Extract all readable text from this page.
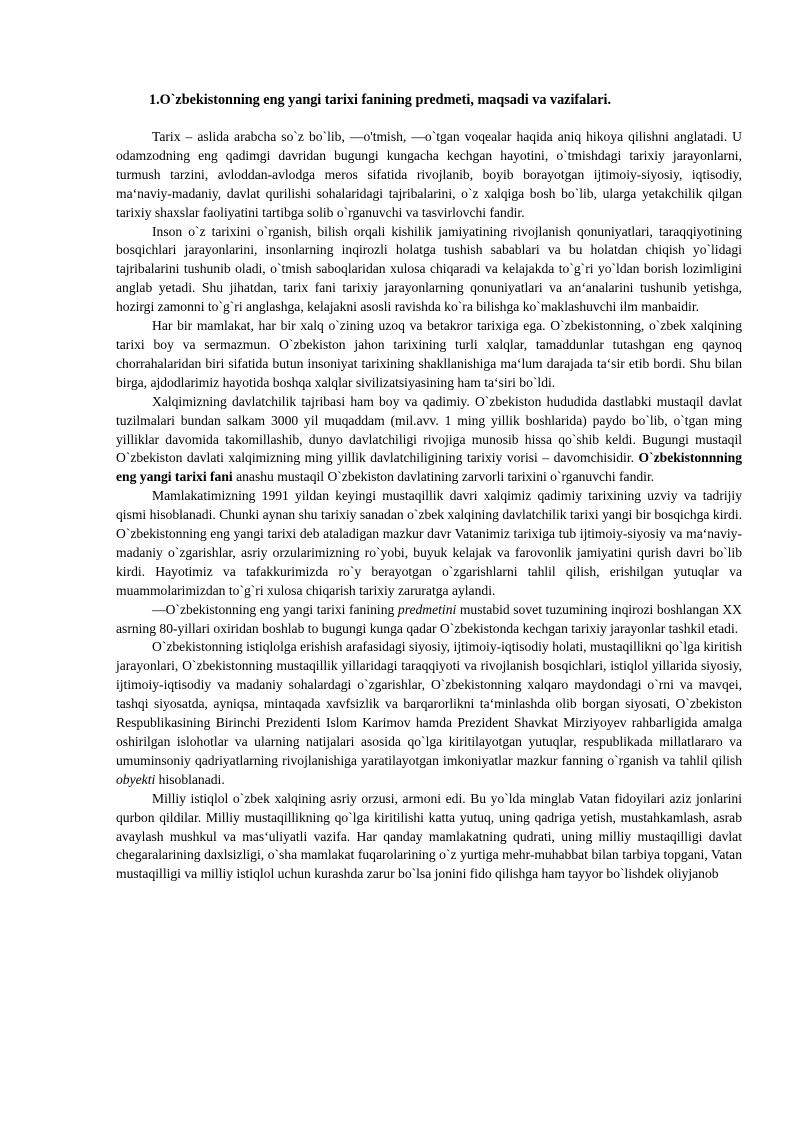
1.O`zbekistonning eng yangi tarixi fanining predmeti, maqsadi va vazifalari.

Tarix – aslida arabcha so`z bo`lib, ―o'tmish, ―o`tgan voqealar haqida aniq hikoya qilishni anglatadi. U odamzodning eng qadimgi davridan bugungi kungacha kechgan hayotini, o`tmishdagi tarixiy jarayonlarni, turmush tarzini, avloddan-avlodga meros sifatida rivojlanib, boyib borayotgan ijtimoiy-siyosiy, iqtisodiy, ma‘naviy-madaniy, davlat qurilishi sohalaridagi tajribalarini, o`z xalqiga bosh bo`lib, ularga yetakchilik qilgan tarixiy shaxslar faoliyatini tartibga solib o`rganuvchi va tasvirlovchi fandir.

Inson o`z tarixini o`rganish, bilish orqali kishilik jamiyatining rivojlanish qonuniyatlari, taraqqiyotining bosqichlari jarayonlarini, insonlarning inqirozli holatga tushish sabablari va bu holatdan chiqish yo`lidagi tajribalarini tushunib oladi, o`tmish saboqlaridan xulosa chiqaradi va kelajakda to`g`ri yo`ldan borish lozimligini anglab yetadi. Shu jihatdan, tarix fani tarixiy jarayonlarning qonuniyatlari va an‘analarini tushunib yetishga, hozirgi zamonni to`g`ri anglashga, kelajakni asosli ravishda ko`ra bilishga ko`maklashuvchi ilm manbaidir.

Har bir mamlakat, har bir xalq o`zining uzoq va betakror tarixiga ega. O`zbekistonning, o`zbek xalqining tarixi boy va sermazmun. O`zbekiston jahon tarixining turli xalqlar, tamaddunlar tutashgan eng qaynoq chorrahalaridan biri sifatida butun insoniyat tarixining shakllanishiga ma‘lum darajada ta‘sir etib bordi. Shu bilan birga, ajdodlarimiz hayotida boshqa xalqlar sivilizatsiyasining ham ta‘siri bo`ldi.

Xalqimizning davlatchilik tajribasi ham boy va qadimiy. O`zbekiston hududida dastlabki mustaqil davlat tuzilmalari bundan salkam 3000 yil muqaddam (mil.avv. 1 ming yillik boshlarida) paydo bo`lib, o`tgan ming yilliklar davomida takomillashib, dunyo davlatchiligi rivojiga munosib hissa qo`shib keldi. Bugungi mustaqil O`zbekiston davlati xalqimizning ming yillik davlatchiligining tarixiy vorisi – davomchisidir. O`zbekistonnning eng yangi tarixi fani anashu mustaqil O`zbekiston davlatining zarvorli tarixini o`rganuvchi fandir.

Mamlakatimizning 1991 yildan keyingi mustaqillik davri xalqimiz qadimiy tarixining uzviy va tadrijiy qismi hisoblanadi. Chunki aynan shu tarixiy sanadan o`zbek xalqining davlatchilik tarixi yangi bir bosqichga kirdi. O`zbekistonning eng yangi tarixi deb ataladigan mazkur davr Vatanimiz tarixiga tub ijtimoiy-siyosiy va ma‘naviy-madaniy o`zgarishlar, asriy orzularimizning ro`yobi, buyuk kelajak va farovonlik jamiyatini qurish davri bo`lib kirdi. Hayotimiz va tafakkurimizda ro`y berayotgan o`zgarishlarni tahlil qilish, erishilgan yutuqlar va muammolarimizdan to`g`ri xulosa chiqarish tarixiy zaruratga aylandi.

―O`zbekistonning eng yangi tarixi fanining predmetini mustabid sovet tuzumining inqirozi boshlangan XX asrning 80-yillari oxiridan boshlab to bugungi kunga qadar O`zbekistonda kechgan tarixiy jarayonlar tashkil etadi.

O`zbekistonning istiqlolga erishish arafasidagi siyosiy, ijtimoiy-iqtisodiy holati, mustaqillikni qo`lga kiritish jarayonlari, O`zbekistonning mustaqillik yillaridagi taraqqiyoti va rivojlanish bosqichlari, istiqlol yillarida siyosiy, ijtimoiy-iqtisodiy va madaniy sohalardagi o`zgarishlar, O`zbekistonning xalqaro maydondagi o`rni va mavqei, tashqi siyosatda, ayniqsa, mintaqada xavfsizlik va barqarorlikni ta‘minlashda olib borgan siyosati, O`zbekiston Respublikasining Birinchi Prezidenti Islom Karimov hamda Prezident Shavkat Mirziyoyev rahbarligida amalga oshirilgan islohotlar va ularning natijalari asosida qo`lga kiritilayotgan yutuqlar, respublikada millatlararo va umuminsoniy qadriyatlarning rivojlanishiga yaratilayotgan imkoniyatlar mazkur fanning o`rganish va tahlil qilish obyekti hisoblanadi.

Milliy istiqlol o`zbek xalqining asriy orzusi, armoni edi. Bu yo`lda minglab Vatan fidoyilari aziz jonlarini qurbon qildilar. Milliy mustaqillikning qo`lga kiritilishi katta yutuq, uning qadriga yetish, mustahkamlash, asrab avaylash mushkul va mas‘uliyatli vazifa. Har qanday mamlakatning qudrati, uning milliy mustaqilligi davlat chegaralarining daxlsizligi, o`sha mamlakat fuqarolarining o`z yurtiga mehr-muhabbat bilan tarbiya topgani, Vatan mustaqilligi va milliy istiqlol uchun kurashda zarur bo`lsa jonini fido qilishga ham tayyor bo`lishdek oliyjanob
